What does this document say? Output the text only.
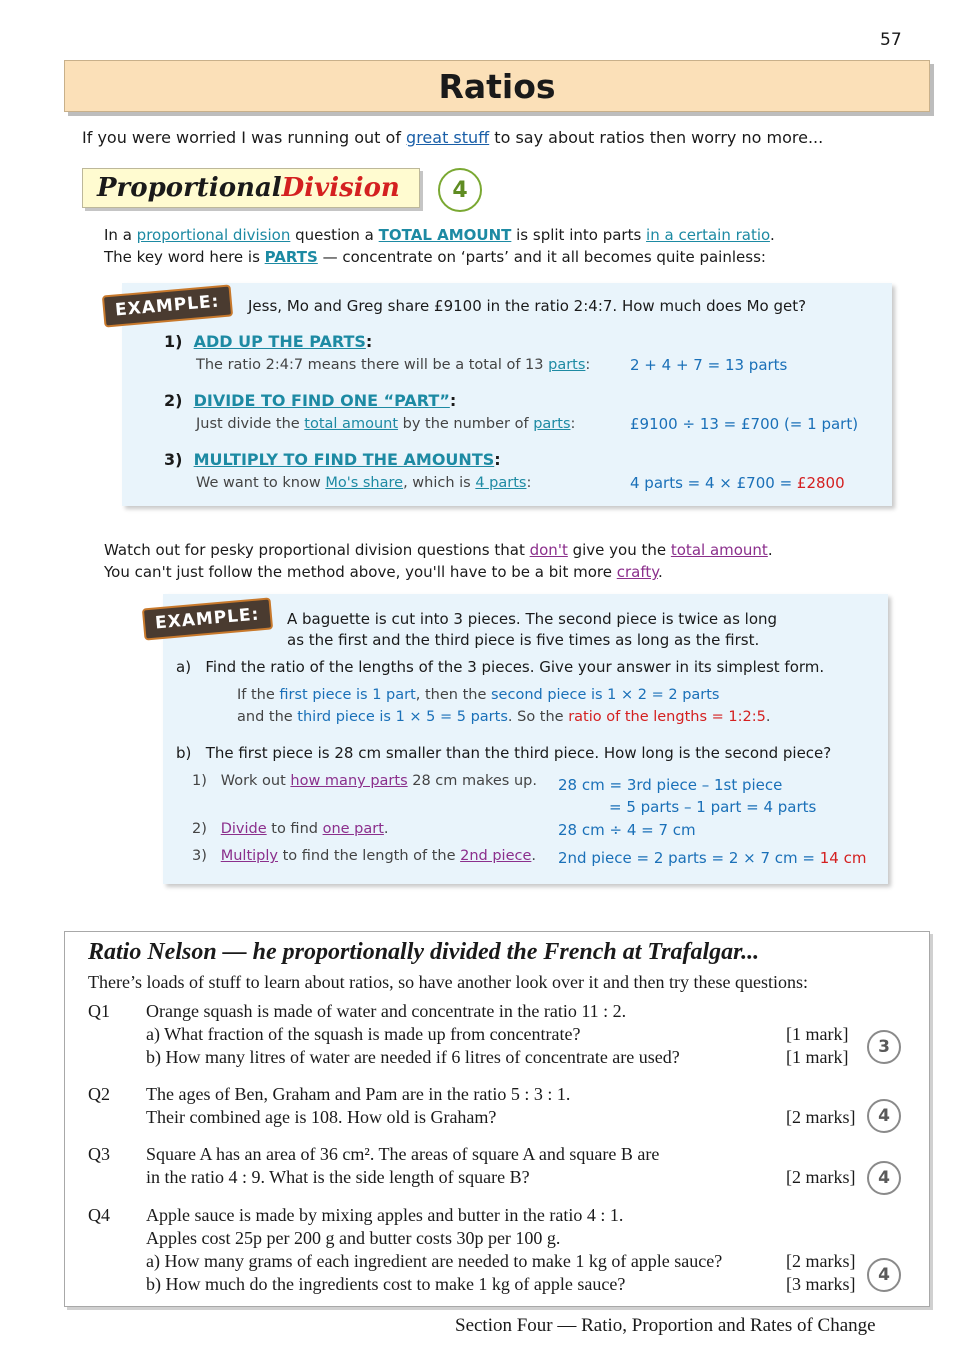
57
Ratios
If you were worried I was running out of great stuff to say about ratios then worry no more...
Proportional Division 4
In a proportional division question a TOTAL AMOUNT is split into parts in a certain ratio.
The key word here is PARTS — concentrate on ‘parts’ and it all becomes quite painless:
EXAMPLE:	Jess, Mo and Greg share £9100 in the ratio 2:4:7. How much does Mo get?
1) ADD UP THE PARTS:
The ratio 2:4:7 means there will be a total of 13 parts:	2 + 4 + 7 = 13 parts
2) DIVIDE TO FIND ONE “PART”:
Just divide the total amount by the number of parts:	£9100 ÷ 13 = £700 (= 1 part)
3) MULTIPLY TO FIND THE AMOUNTS:
We want to know Mo's share, which is 4 parts:	4 parts = 4 × £700 = £2800
Watch out for pesky proportional division questions that don't give you the total amount.
You can't just follow the method above, you'll have to be a bit more crafty.
EXAMPLE:	A baguette is cut into 3 pieces. The second piece is twice as long
as the first and the third piece is five times as long as the first.
a) Find the ratio of the lengths of the 3 pieces. Give your answer in its simplest form.
If the first piece is 1 part, then the second piece is 1 × 2 = 2 parts
and the third piece is 1 × 5 = 5 parts. So the ratio of the lengths = 1:2:5.
b) The first piece is 28 cm smaller than the third piece. How long is the second piece?
1) Work out how many parts 28 cm makes up. 28 cm = 3rd piece – 1st piece
= 5 parts – 1 part = 4 parts
2) Divide to find one part.	28 cm ÷ 4 = 7 cm
3) Multiply to find the length of the 2nd piece. 2nd piece = 2 parts = 2 × 7 cm = 14 cm
Ratio Nelson — he proportionally divided the French at Trafalgar...
There’s loads of stuff to learn about ratios, so have another look over it and then try these questions:
Q1 Orange squash is made of water and concentrate in the ratio 11 : 2.
a) What fraction of the squash is made up from concentrate?	[1 mark]
b) How many litres of water are needed if 6 litres of concentrate are used?	[1 mark] 3
Q2 The ages of Ben, Graham and Pam are in the ratio 5 : 3 : 1.
Their combined age is 108. How old is Graham?	[2 marks] 4
Q3 Square A has an area of 36 cm². The areas of square A and square B are
in the ratio 4 : 9. What is the side length of square B?	[2 marks] 4
Q4 Apple sauce is made by mixing apples and butter in the ratio 4 : 1.
Apples cost 25p per 200 g and butter costs 30p per 100 g.
a) How many grams of each ingredient are needed to make 1 kg of apple sauce?	[2 marks]
b) How much do the ingredients cost to make 1 kg of apple sauce?	[3 marks] 4
Section Four — Ratio, Proportion and Rates of Change
